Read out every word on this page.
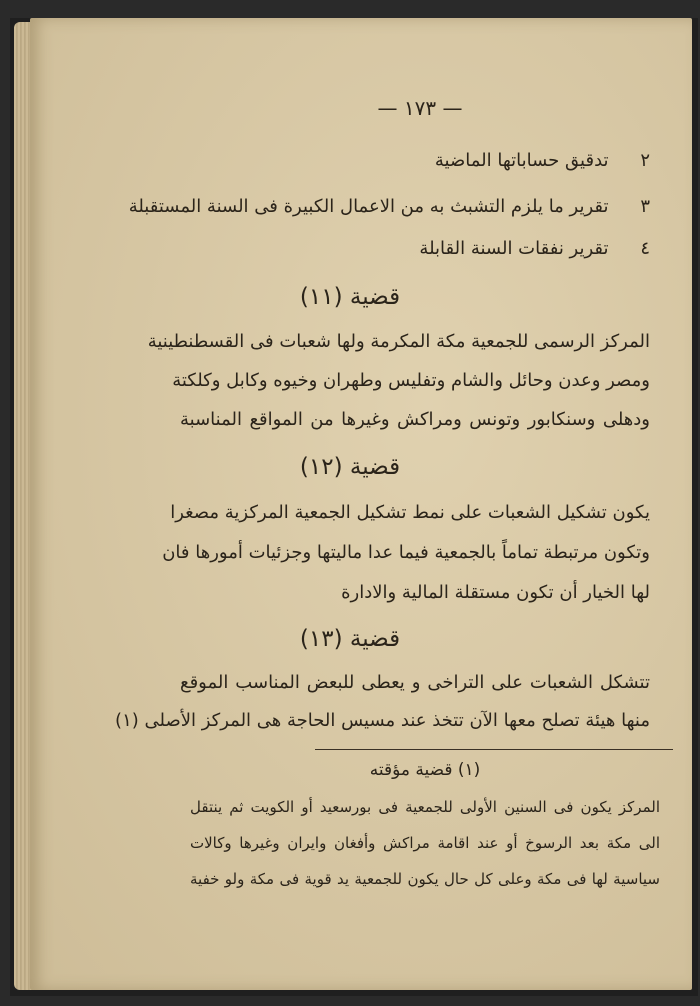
— ١٧٣ —
٢  تدقيق حساباتها الماضية
٣  تقرير ما يلزم التشبث به من الاعمال الكبيرة فى السنة المستقبلة
٤  تقرير نفقات السنة القابلة
قضية (١١)
المركز الرسمى للجمعية مكة المكرمة ولها شعبات فى القسطنطينية
ومصر وعدن وحائل والشام وتفليس وطهران وخيوه وكابل وكلكتة
ودهلى وسنكابور وتونس ومراكش وغيرها من المواقع المناسبة
قضية (١٢)
يكون تشكيل الشعبات على نمط تشكيل الجمعية المركزية مصغرا
وتكون مرتبطة تماماً بالجمعية فيما عدا ماليتها وجزئيات أمورها فان
لها الخيار أن تكون مستقلة المالية والادارة
قضية (١٣)
تتشكل الشعبات على التراخى و يعطى للبعض المناسب الموقع
منها هيئة تصلح معها الآن تتخذ عند مسيس الحاجة هى المركز الأصلى (١)
(١) قضية مؤقته
المركز يكون فى السنين الأولى للجمعية فى بورسعيد أو الكويت ثم ينتقل
الى مكة بعد الرسوخ أو عند اقامة مراكش وأفغان وايران وغيرها وكالات
سياسية لها فى مكة وعلى كل حال يكون للجمعية يد قوية فى مكة ولو خفية
